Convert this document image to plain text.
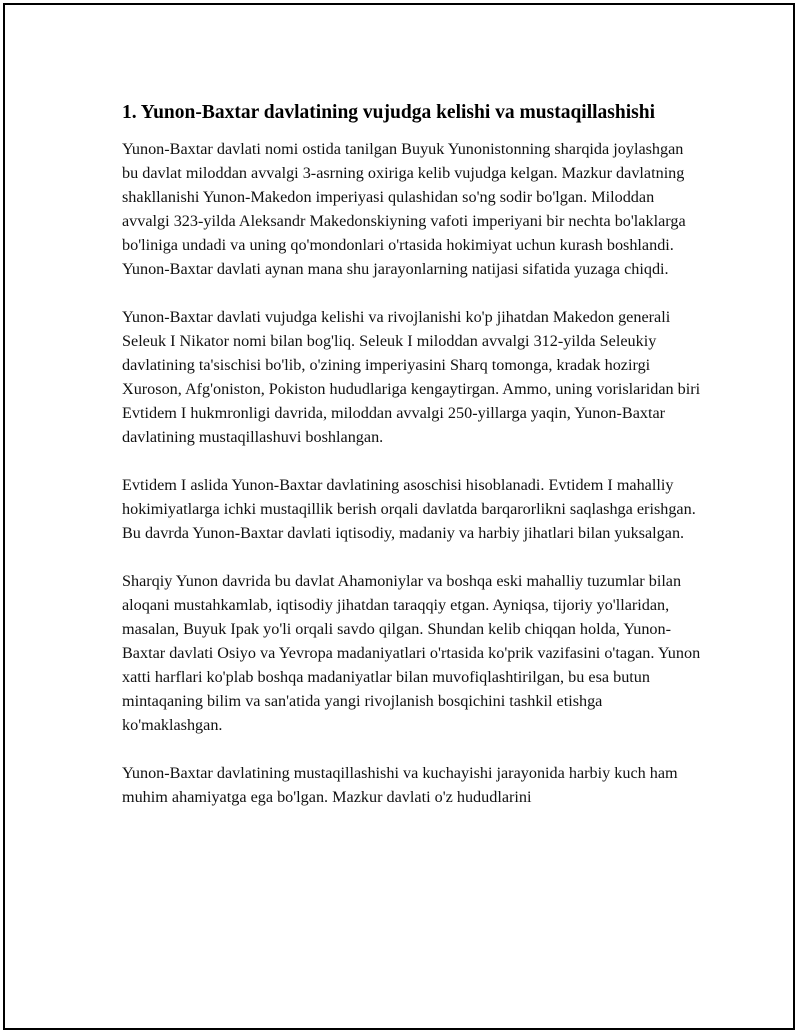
1. Yunon-Baxtar davlatining vujudga kelishi va mustaqillashishi

Yunon-Baxtar davlati nomi ostida tanilgan Buyuk Yunonistonning sharqida joylashgan bu davlat miloddan avvalgi 3-asrning oxiriga kelib vujudga kelgan. Mazkur davlatning shakllanishi Yunon-Makedon imperiyasi qulashidan so'ng sodir bo'lgan. Miloddan avvalgi 323-yilda Aleksandr Makedonskiyning vafoti imperiyani bir nechta bo'laklarga bo'liniga undadi va uning qo'mondonlari o'rtasida hokimiyat uchun kurash boshlandi. Yunon-Baxtar davlati aynan mana shu jarayonlarning natijasi sifatida yuzaga chiqdi.

Yunon-Baxtar davlati vujudga kelishi va rivojlanishi ko'p jihatdan Makedon generali Seleuk I Nikator nomi bilan bog'liq. Seleuk I miloddan avvalgi 312-yilda Seleukiy davlatining ta'sischisi bo'lib, o'zining imperiyasini Sharq tomonga, kradak hozirgi Xuroson, Afg'oniston, Pokiston hududlariga kengaytirgan. Ammo, uning vorislaridan biri Evtidem I hukmronligi davrida, miloddan avvalgi 250-yillarga yaqin, Yunon-Baxtar davlatining mustaqillashuvi boshlangan.

Evtidem I aslida Yunon-Baxtar davlatining asoschisi hisoblanadi. Evtidem I mahalliy hokimiyatlarga ichki mustaqillik berish orqali davlatda barqarorlikni saqlashga erishgan. Bu davrda Yunon-Baxtar davlati iqtisodiy, madaniy va harbiy jihatlari bilan yuksalgan.

Sharqiy Yunon davrida bu davlat Ahamoniylar va boshqa eski mahalliy tuzumlar bilan aloqani mustahkamlab, iqtisodiy jihatdan taraqqiy etgan. Ayniqsa, tijoriy yo'llaridan, masalan, Buyuk Ipak yo'li orqali savdo qilgan. Shundan kelib chiqqan holda, Yunon-Baxtar davlati Osiyo va Yevropa madaniyatlari o'rtasida ko'prik vazifasini o'tagan. Yunon xatti harflari ko'plab boshqa madaniyatlar bilan muvofiqlashtirilgan, bu esa butun mintaqaning bilim va san'atida yangi rivojlanish bosqichini tashkil etishga ko'maklashgan.

Yunon-Baxtar davlatining mustaqillashishi va kuchayishi jarayonida harbiy kuch ham muhim ahamiyatga ega bo'lgan. Mazkur davlati o'z hududlarini
